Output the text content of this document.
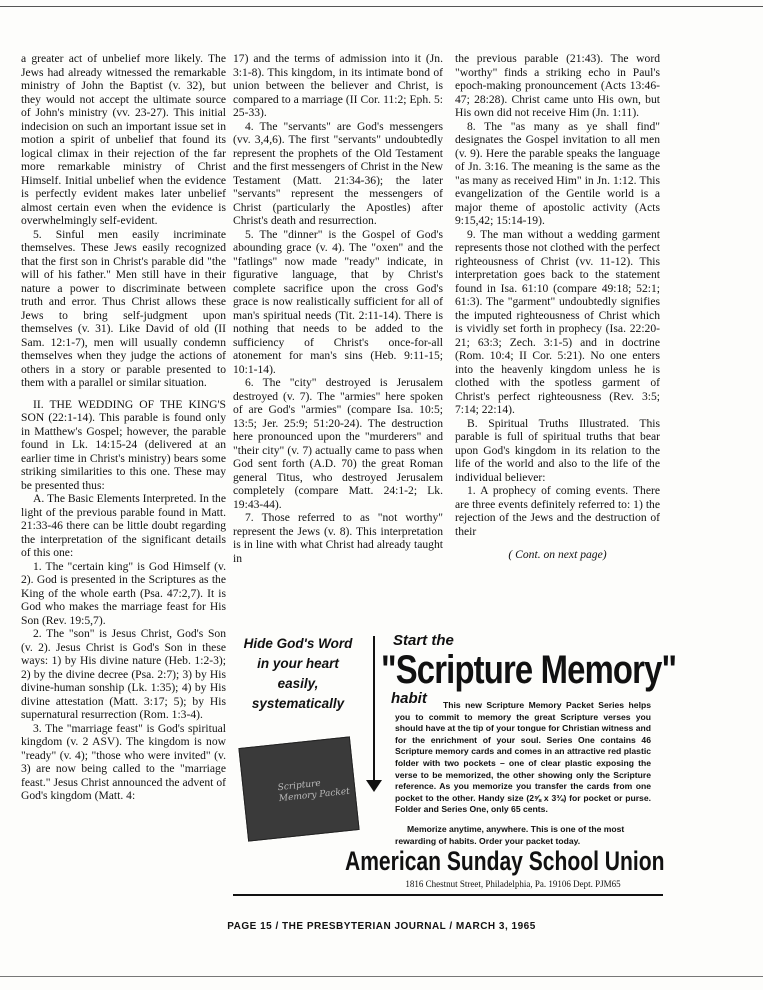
a greater act of unbelief more likely. The Jews had already witnessed the remarkable ministry of John the Baptist (v. 32), but they would not accept the ultimate source of John's ministry (vv. 23-27). This initial indecision on such an important issue set in motion a spirit of unbelief that found its logical climax in their rejection of the far more remarkable ministry of Christ Himself. Initial unbelief when the evidence is perfectly evident makes later unbelief almost certain even when the evidence is overwhelmingly self-evident.

5. Sinful men easily incriminate themselves. These Jews easily recognized that the first son in Christ's parable did "the will of his father." Men still have in their nature a power to discriminate between truth and error. Thus Christ allows these Jews to bring self-judgment upon themselves (v. 31). Like David of old (II Sam. 12:1-7), men will usually condemn themselves when they judge the actions of others in a story or parable presented to them with a parallel or similar situation.

II. THE WEDDING OF THE KING'S SON (22:1-14). This parable is found only in Matthew's Gospel; however, the parable found in Lk. 14:15-24 (delivered at an earlier time in Christ's ministry) bears some striking similarities to this one. These may be presented thus:

A. The Basic Elements Interpreted. In the light of the previous parable found in Matt. 21:33-46 there can be little doubt regarding the interpretation of the significant details of this one:

1. The "certain king" is God Himself (v. 2). God is presented in the Scriptures as the King of the whole earth (Psa. 47:2,7). It is God who makes the marriage feast for His Son (Rev. 19:5,7).

2. The "son" is Jesus Christ, God's Son (v. 2). Jesus Christ is God's Son in these ways: 1) by His divine nature (Heb. 1:2-3); 2) by the divine decree (Psa. 2:7); 3) by His divine-human sonship (Lk. 1:35); 4) by His divine attestation (Matt. 3:17; 5); by His supernatural resurrection (Rom. 1:3-4).

3. The "marriage feast" is God's spiritual kingdom (v. 2 ASV). The kingdom is now "ready" (v. 4); "those who were invited" (v. 3) are now being called to the "marriage feast." Jesus Christ announced the advent of God's kingdom (Matt. 4:

17) and the terms of admission into it (Jn. 3:1-8). This kingdom, in its intimate bond of union between the believer and Christ, is compared to a marriage (II Cor. 11:2; Eph. 5: 25-33).

4. The "servants" are God's messengers (vv. 3,4,6). The first "servants" undoubtedly represent the prophets of the Old Testament and the first messengers of Christ in the New Testament (Matt. 21:34-36); the later "servants" represent the messengers of Christ (particularly the Apostles) after Christ's death and resurrection.

5. The "dinner" is the Gospel of God's abounding grace (v. 4). The "oxen" and the "fatlings" now made "ready" indicate, in figurative language, that by Christ's complete sacrifice upon the cross God's grace is now realistically sufficient for all of man's spiritual needs (Tit. 2:11-14). There is nothing that needs to be added to the sufficiency of Christ's once-for-all atonement for man's sins (Heb. 9:11-15; 10:1-14).

6. The "city" destroyed is Jerusalem destroyed (v. 7). The "armies" here spoken of are God's "armies" (compare Isa. 10:5; 13:5; Jer. 25:9; 51:20-24). The destruction here pronounced upon the "murderers" and "their city" (v. 7) actually came to pass when God sent forth (A.D. 70) the great Roman general Titus, who destroyed Jerusalem completely (compare Matt. 24:1-2; Lk. 19:43-44).

7. Those referred to as "not worthy" represent the Jews (v. 8). This interpretation is in line with what Christ had already taught in

the previous parable (21:43). The word "worthy" finds a striking echo in Paul's epoch-making pronouncement (Acts 13:46-47; 28:28). Christ came unto His own, but His own did not receive Him (Jn. 1:11).

8. The "as many as ye shall find" designates the Gospel invitation to all men (v. 9). Here the parable speaks the language of Jn. 3:16. The meaning is the same as the "as many as received Him" in Jn. 1:12. This evangelization of the Gentile world is a major theme of apostolic activity (Acts 9:15,42; 15:14-19).

9. The man without a wedding garment represents those not clothed with the perfect righteousness of Christ (vv. 11-12). This interpretation goes back to the statement found in Isa. 61:10 (compare 49:18; 52:1; 61:3). The "garment" undoubtedly signifies the imputed righteousness of Christ which is vividly set forth in prophecy (Isa. 22:20-21; 63:3; Zech. 3:1-5) and in doctrine (Rom. 10:4; II Cor. 5:21). No one enters into the heavenly kingdom unless he is clothed with the spotless garment of Christ's perfect righteousness (Rev. 3:5; 7:14; 22:14).

B. Spiritual Truths Illustrated. This parable is full of spiritual truths that bear upon God's kingdom in its relation to the life of the world and also to the life of the individual believer:

1. A prophecy of coming events. There are three events definitely referred to: 1) the rejection of the Jews and the destruction of their

( Cont. on next page)

Hide God's Word
in your heart
easily,
systematically
Scripture Memory Packet
Start the
"Scripture Memory"
habit	This new Scripture Memory Packet Series helps you to commit to memory the great Scripture verses you should have at the tip of your tongue for Christian witness and for the enrichment of your soul. Series One contains 46 Scripture memory cards and comes in an attractive red plastic folder with two pockets – one of clear plastic exposing the verse to be memorized, the other showing only the Scripture reference. As you memorize you transfer the cards from one pocket to the other. Handy size (2⅝ x 3¾) for pocket or purse. Folder and Series One, only 65 cents.
Memorize anytime, anywhere. This is one of the most rewarding of habits. Order your packet today.
American Sunday School Union
1816 Chestnut Street, Philadelphia, Pa. 19106 Dept. PJM65
PAGE 15 / THE PRESBYTERIAN JOURNAL / MARCH 3, 1965
